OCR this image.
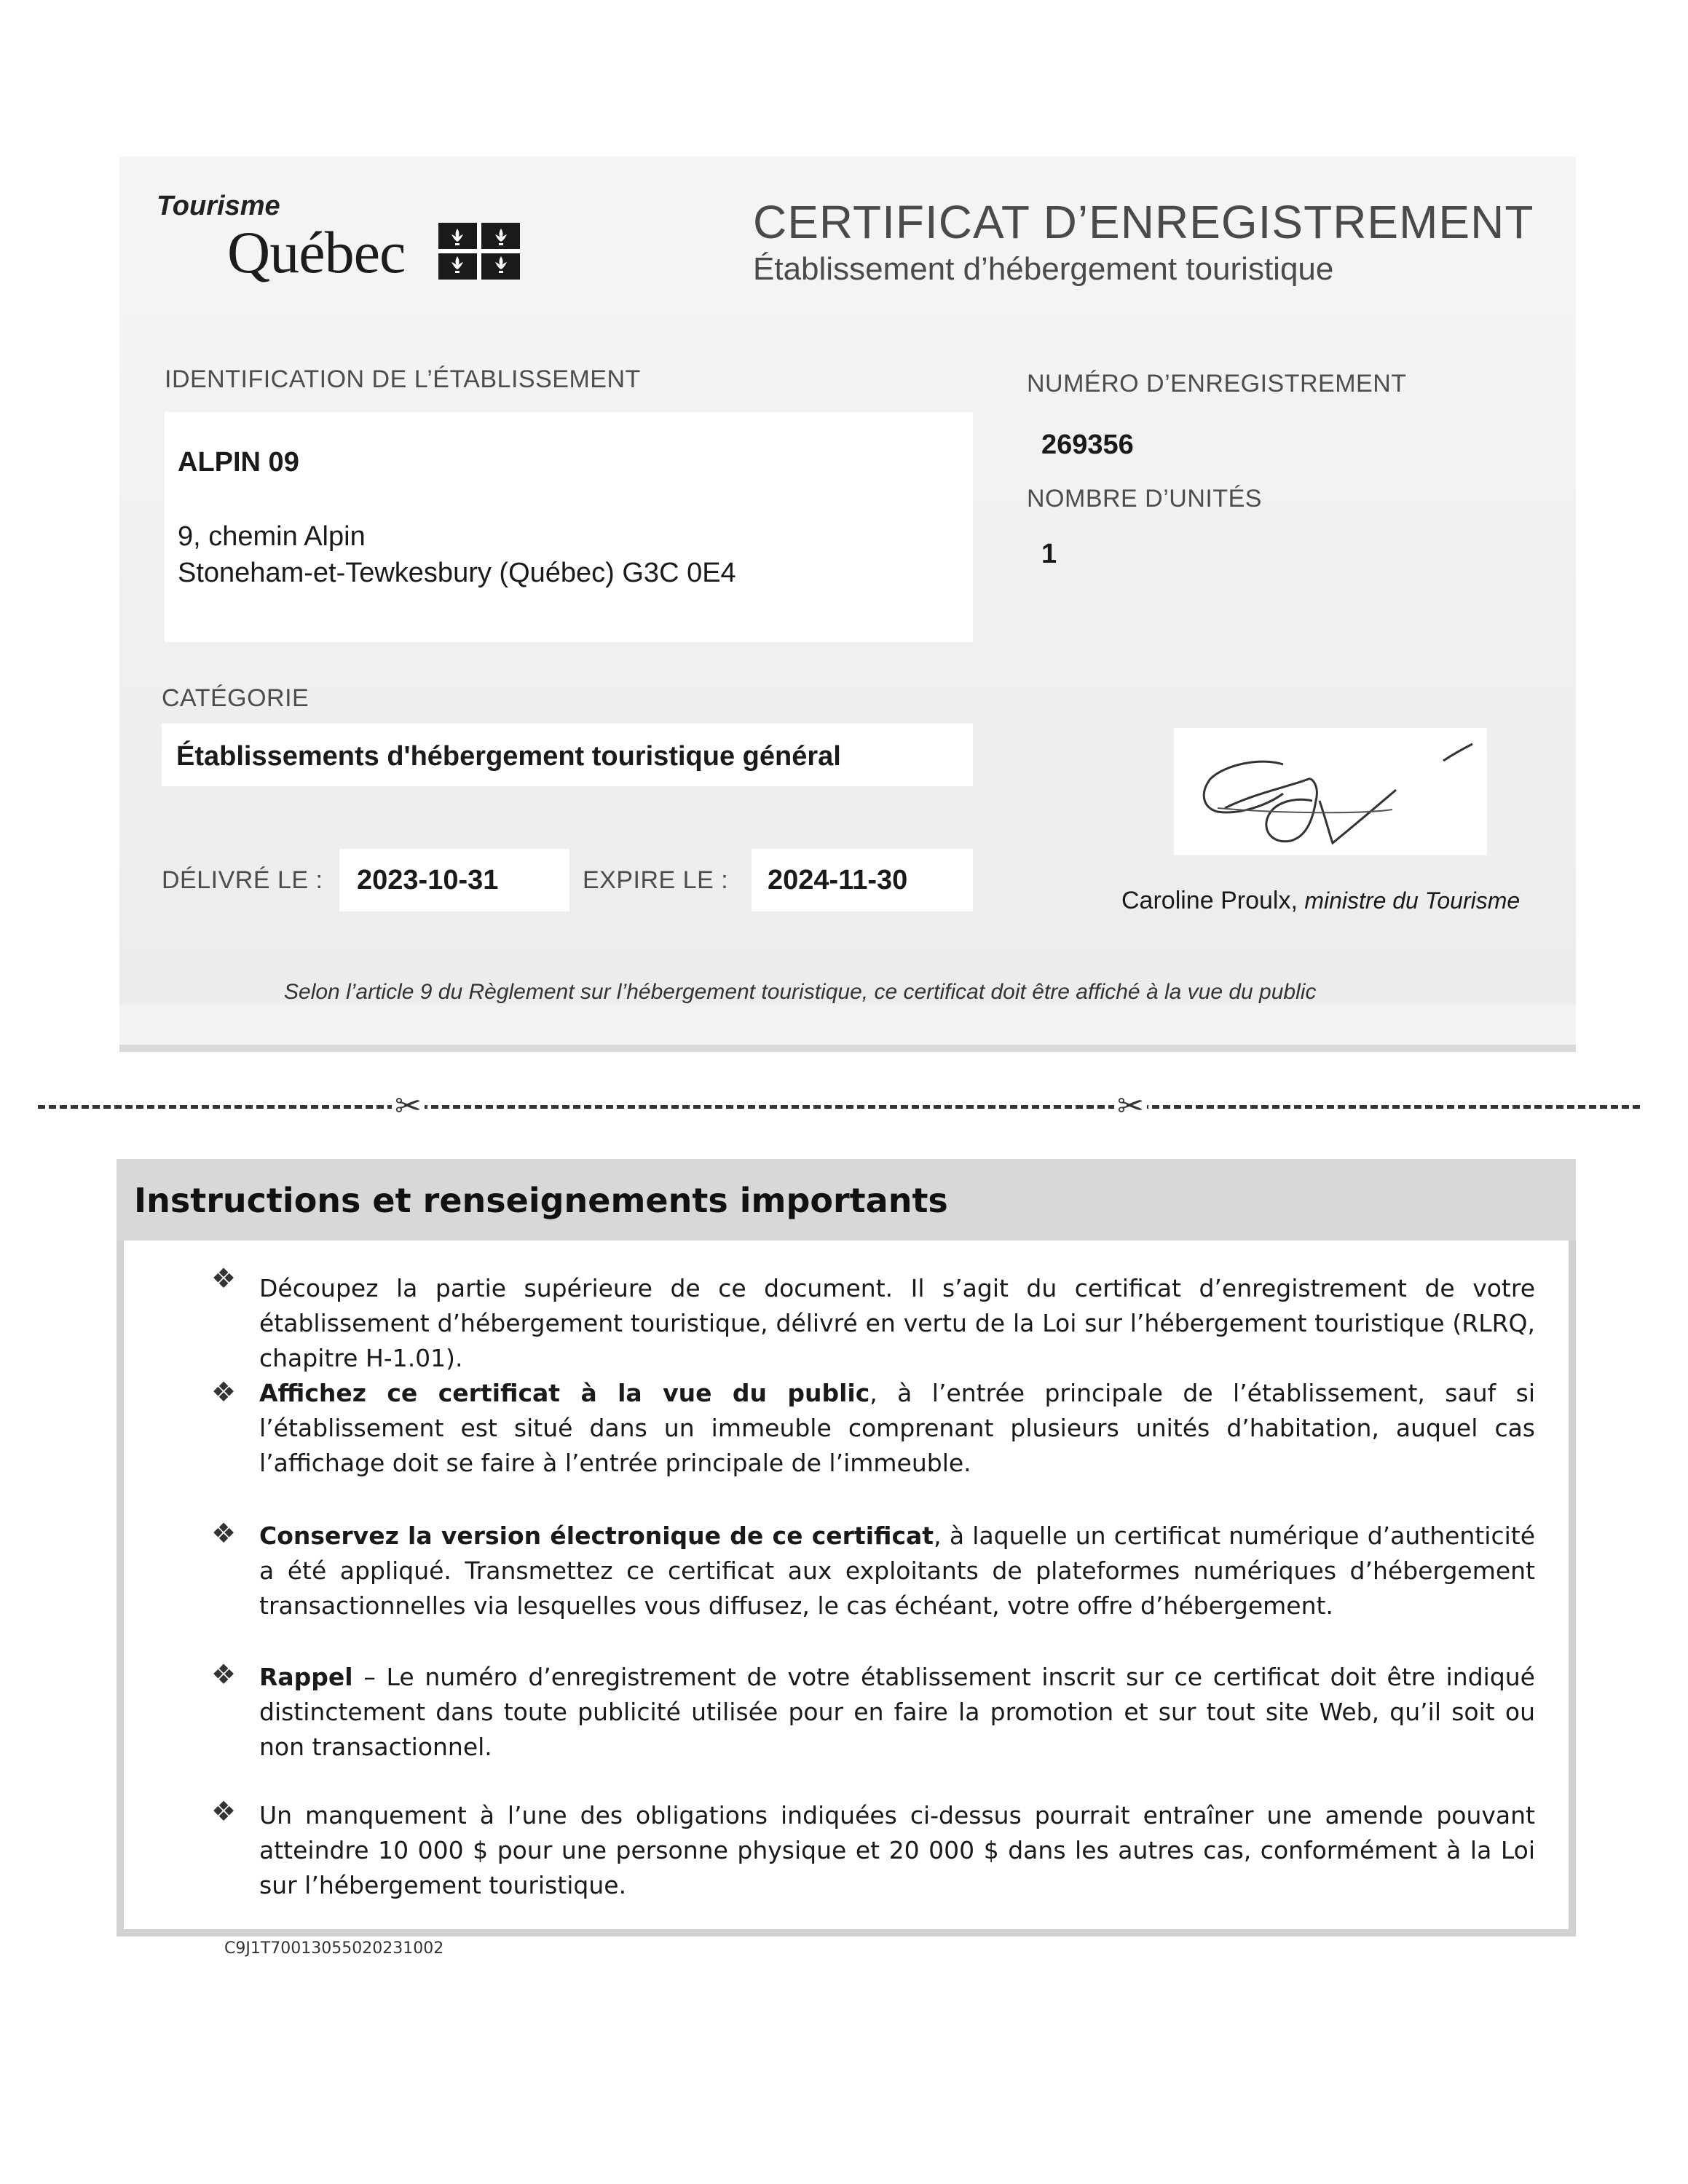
Tourisme
Québec	CERTIFICAT D’ENREGISTREMENT
Établissement d’hébergement touristique
IDENTIFICATION DE L’ÉTABLISSEMENT
ALPIN 09
9, chemin Alpin
Stoneham-et-Tewkesbury (Québec) G3C 0E4
NUMÉRO D’ENREGISTREMENT
269356
NOMBRE D’UNITÉS
1
CATÉGORIE
Établissements d'hébergement touristique général
DÉLIVRÉ LE : 2023-10-31	EXPIRE LE : 2024-11-30
Caroline Proulx, ministre du Tourisme
Selon l’article 9 du Règlement sur l’hébergement touristique, ce certificat doit être affiché à la vue du public
✂	✂
Instructions et renseignements importants
❖ Découpez la partie supérieure de ce document. Il s’agit du certificat d’enregistrement de votre établissement d’hébergement touristique, délivré en vertu de la Loi sur l’hébergement touristique (RLRQ, chapitre H-1.01).
❖ Affichez ce certificat à la vue du public, à l’entrée principale de l’établissement, sauf si l’établissement est situé dans un immeuble comprenant plusieurs unités d’habitation, auquel cas l’affichage doit se faire à l’entrée principale de l’immeuble.
❖ Conservez la version électronique de ce certificat, à laquelle un certificat numérique d’authenticité a été appliqué. Transmettez ce certificat aux exploitants de plateformes numériques d’hébergement transactionnelles via lesquelles vous diffusez, le cas échéant, votre offre d’hébergement.
❖ Rappel – Le numéro d’enregistrement de votre établissement inscrit sur ce certificat doit être indiqué distinctement dans toute publicité utilisée pour en faire la promotion et sur tout site Web, qu’il soit ou non transactionnel.
❖ Un manquement à l’une des obligations indiquées ci-dessus pourrait entraîner une amende pouvant atteindre 10 000 $ pour une personne physique et 20 000 $ dans les autres cas, conformément à la Loi sur l’hébergement touristique.
C9J1T70013055020231002
